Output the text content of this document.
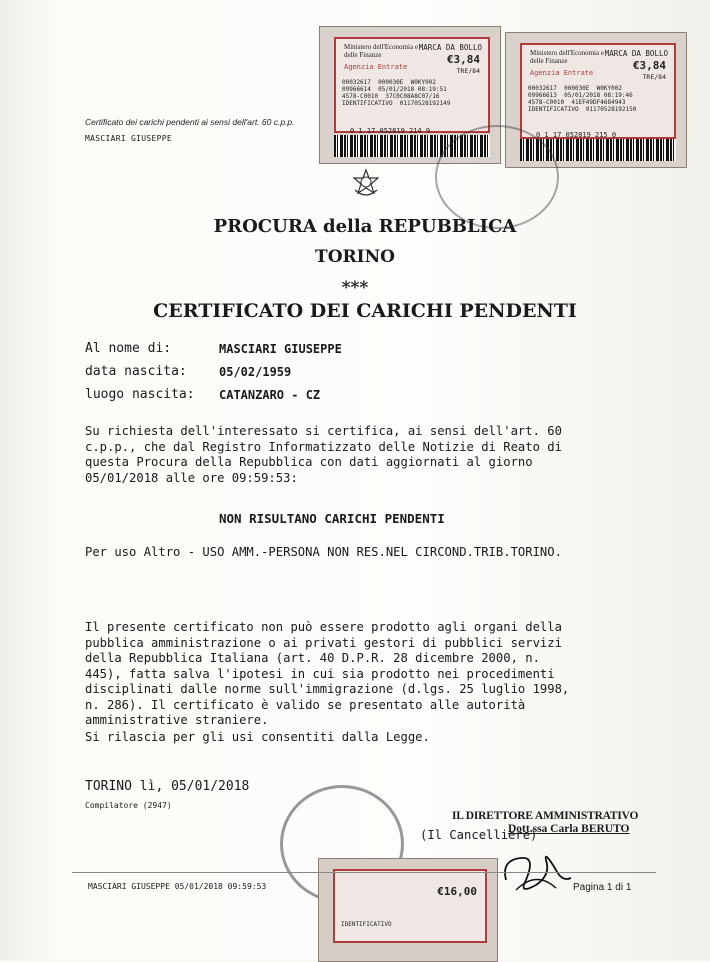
Certificato dei carichi pendenti ai sensi dell'art. 60 c.p.p.
MASCIARI GIUSEPPE
Ministero dell'Economia e delle Finanze
MARCA DA BOLLO
€3,84
TRE/84
Agenzia Entrate
00032617  000030E  W0KY002
09966614  05/01/2018 08:19:51
4578-C0010  37C0C08A8C07/16
IDENTIFICATIVO  01170528192149
0 1 17 052819 214 9
Ministero dell'Economia e delle Finanze
MARCA DA BOLLO
€3,84
TRE/84
Agenzia Entrate
00032617  000030E  W0KY002
09966613  05/01/2018 08:19:46
4578-C0010  41EF49DF4684943
IDENTIFICATIVO  01170528192150
0 1 17 052819 215 0
PROCURA della REPUBBLICA
TORINO
***
CERTIFICATO DEI CARICHI PENDENTI
Al nome di:	MASCIARI GIUSEPPE
data nascita:	05/02/1959
luogo nascita: CATANZARO - CZ
Su richiesta dell'interessato si certifica, ai sensi dell'art. 60
c.p.p., che dal Registro Informatizzato delle Notizie di Reato di
questa Procura della Repubblica con dati aggiornati al giorno
05/01/2018 alle ore 09:59:53:
NON RISULTANO CARICHI PENDENTI
Per uso Altro - USO AMM.-PERSONA NON RES.NEL CIRCOND.TRIB.TORINO.
Il presente certificato non può essere prodotto agli organi della
pubblica amministrazione o ai privati gestori di pubblici servizi
della Repubblica Italiana (art. 40 D.P.R. 28 dicembre 2000, n.
445), fatta salva l'ipotesi in cui sia prodotto nei procedimenti
disciplinati dalle norme sull'immigrazione (d.lgs. 25 luglio 1998,
n. 286). Il certificato è valido se presentato alle autorità
amministrative straniere.
Si rilascia per gli usi consentiti dalla Legge.
TORINO lì, 05/01/2018
Compilatore (2947)
IL DIRETTORE AMMINISTRATIVO
(Il Cancelliere)
Dott.ssa Carla BERUTO
€16,00
IDENTIFICATIVO
MASCIARI GIUSEPPE 05/01/2018 09:59:53	Pagina 1 di 1
